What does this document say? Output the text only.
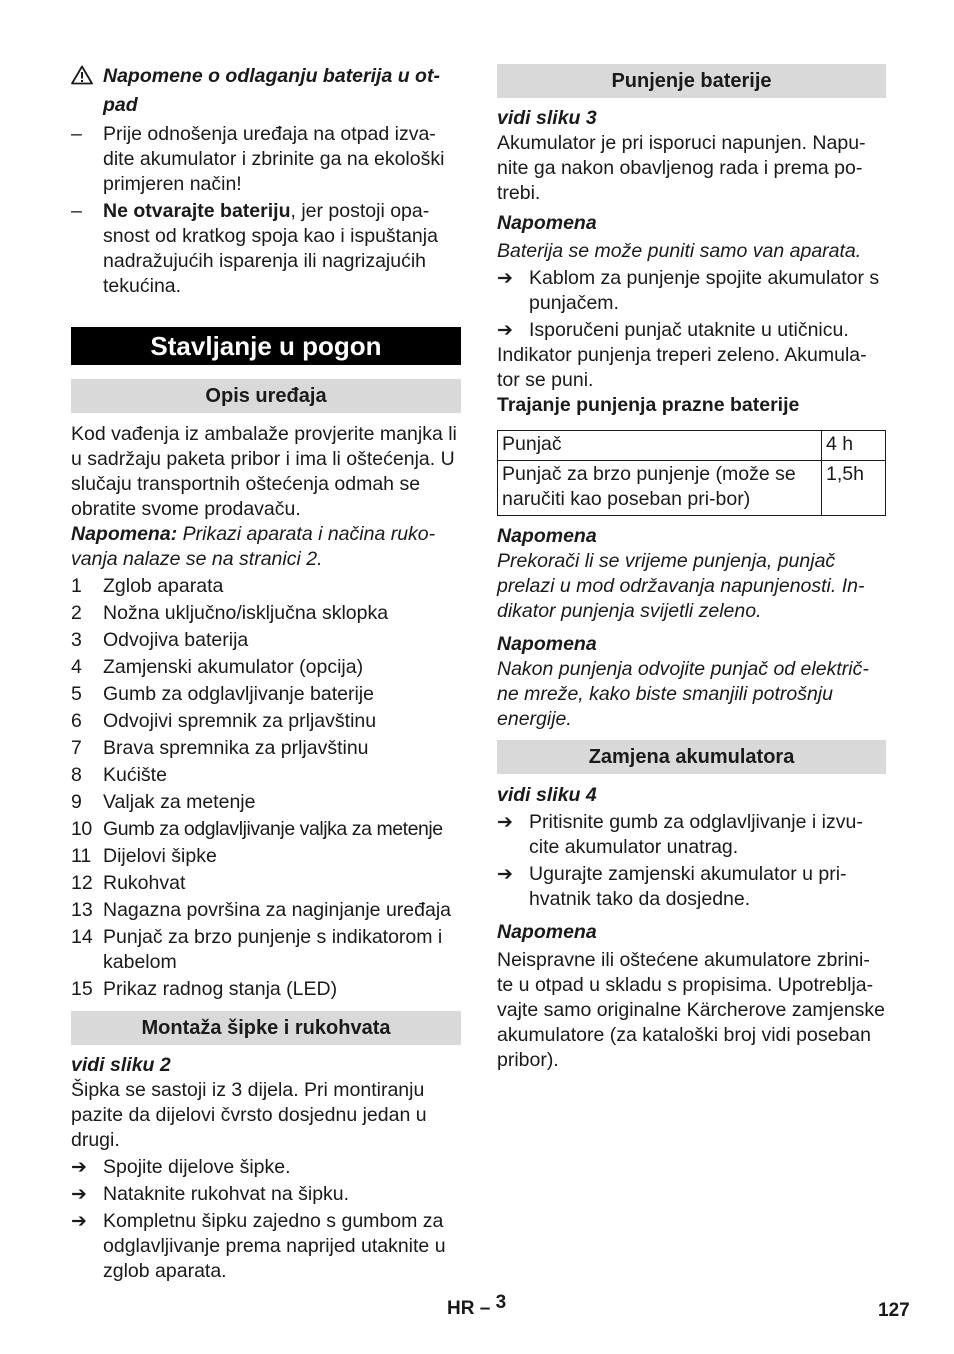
Napomene o odlaganju baterija u ot-pad
– Prije odnošenja uređaja na otpad izva-dite akumulator i zbrinite ga na ekološki primjeren način!
– Ne otvarajte bateriju, jer postoji opa-snost od kratkog spoja kao i ispuštanja nadražujućih isparenja ili nagrizajućih tekućina.
Stavljanje u pogon
Opis uređaja

Kod vađenja iz ambalaže provjerite manjka li u sadržaju paketa pribor i ima li oštećenja. U slučaju transportnih oštećenja odmah se obratite svome prodavaču.

Napomena: Prikazi aparata i načina ruko-vanja nalaze se na stranici 2.

1 Zglob aparata
2 Nožna uključno/isključna sklopka
3 Odvojiva baterija
4 Zamjenski akumulator (opcija)
5 Gumb za odglavljivanje baterije
6 Odvojivi spremnik za prljavštinu
7 Brava spremnika za prljavštinu
8 Kućište
9 Valjak za metenje
10 Gumb za odglavljivanje valjka za metenje
11 Dijelovi šipke
12 Rukohvat
13 Nagazna površina za naginjanje uređaja
14 Punjač za brzo punjenje s indikatorom i kabelom
15 Prikaz radnog stanja (LED)
Montaža šipke i rukohvata

vidi sliku 2

Šipka se sastoji iz 3 dijela. Pri montiranju pazite da dijelovi čvrsto dosjednu jedan u drugi.

➔ Spojite dijelove šipke.
➔ Nataknite rukohvat na šipku.
➔ Kompletnu šipku zajedno s gumbom za odglavljivanje prema naprijed utaknite u zglob aparata.
Punjenje baterije

vidi sliku 3

Akumulator je pri isporuci napunjen. Napu-nite ga nakon obavljenog rada i prema po-trebi.

Napomena

Baterija se može puniti samo van aparata.

➔ Kablom za punjenje spojite akumulator s punjačem.
➔ Isporučeni punjač utaknite u utičnicu.

Indikator punjenja treperi zeleno. Akumula-tor se puni.

Trajanje punjenja prazne baterije

Punjač	4 h
Punjač za brzo punjenje (može se naručiti kao poseban pri-bor)	1,5h

Napomena

Prekorači li se vrijeme punjenja, punjač prelazi u mod održavanja napunjenosti. In-dikator punjenja svijetli zeleno.

Napomena

Nakon punjenja odvojite punjač od električ-ne mreže, kako biste smanjili potrošnju energije.

Zamjena akumulatora

vidi sliku 4

➔ Pritisnite gumb za odglavljivanje i izvu-cite akumulator unatrag.
➔ Ugurajte zamjenski akumulator u pri-hvatnik tako da dosjedne.

Napomena

Neispravne ili oštećene akumulatore zbrini-te u otpad u skladu s propisima. Upotreblja-vajte samo originalne Kärcherove zamjenske akumulatore (za kataloški broj vidi poseban pribor).

HR – 3	127
